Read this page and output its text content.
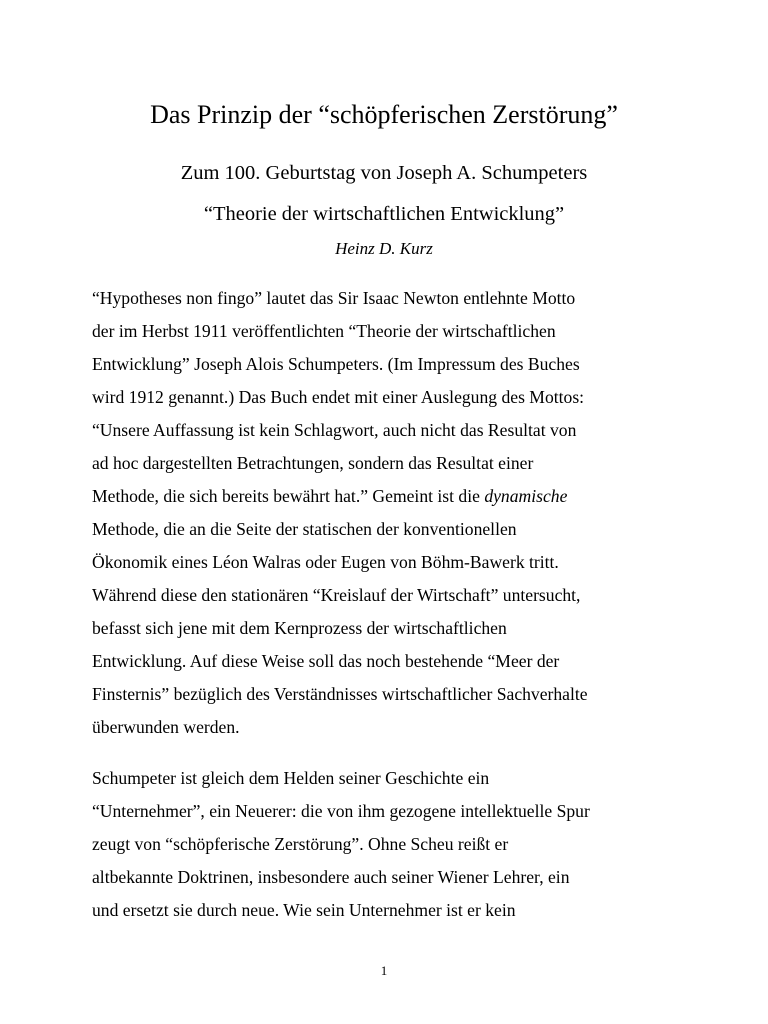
Das Prinzip der “schöpferischen Zerstörung”
Zum 100. Geburtstag von Joseph A. Schumpeters
“Theorie der wirtschaftlichen Entwicklung”
Heinz D. Kurz
“Hypotheses non fingo” lautet das Sir Isaac Newton entlehnte Motto
der im Herbst 1911 veröffentlichten “Theorie der wirtschaftlichen
Entwicklung” Joseph Alois Schumpeters. (Im Impressum des Buches
wird 1912 genannt.) Das Buch endet mit einer Auslegung des Mottos:
“Unsere Auffassung ist kein Schlagwort, auch nicht das Resultat von
ad hoc dargestellten Betrachtungen, sondern das Resultat einer
Methode, die sich bereits bewährt hat.” Gemeint ist die dynamische
Methode, die an die Seite der statischen der konventionellen
Ökonomik eines Léon Walras oder Eugen von Böhm-Bawerk tritt.
Während diese den stationären “Kreislauf der Wirtschaft” untersucht,
befasst sich jene mit dem Kernprozess der wirtschaftlichen
Entwicklung. Auf diese Weise soll das noch bestehende “Meer der
Finsternis” bezüglich des Verständnisses wirtschaftlicher Sachverhalte
überwunden werden.
Schumpeter ist gleich dem Helden seiner Geschichte ein
“Unternehmer”, ein Neuerer: die von ihm gezogene intellektuelle Spur
zeugt von “schöpferische Zerstörung”. Ohne Scheu reißt er
altbekannte Doktrinen, insbesondere auch seiner Wiener Lehrer, ein
und ersetzt sie durch neue. Wie sein Unternehmer ist er kein
1
